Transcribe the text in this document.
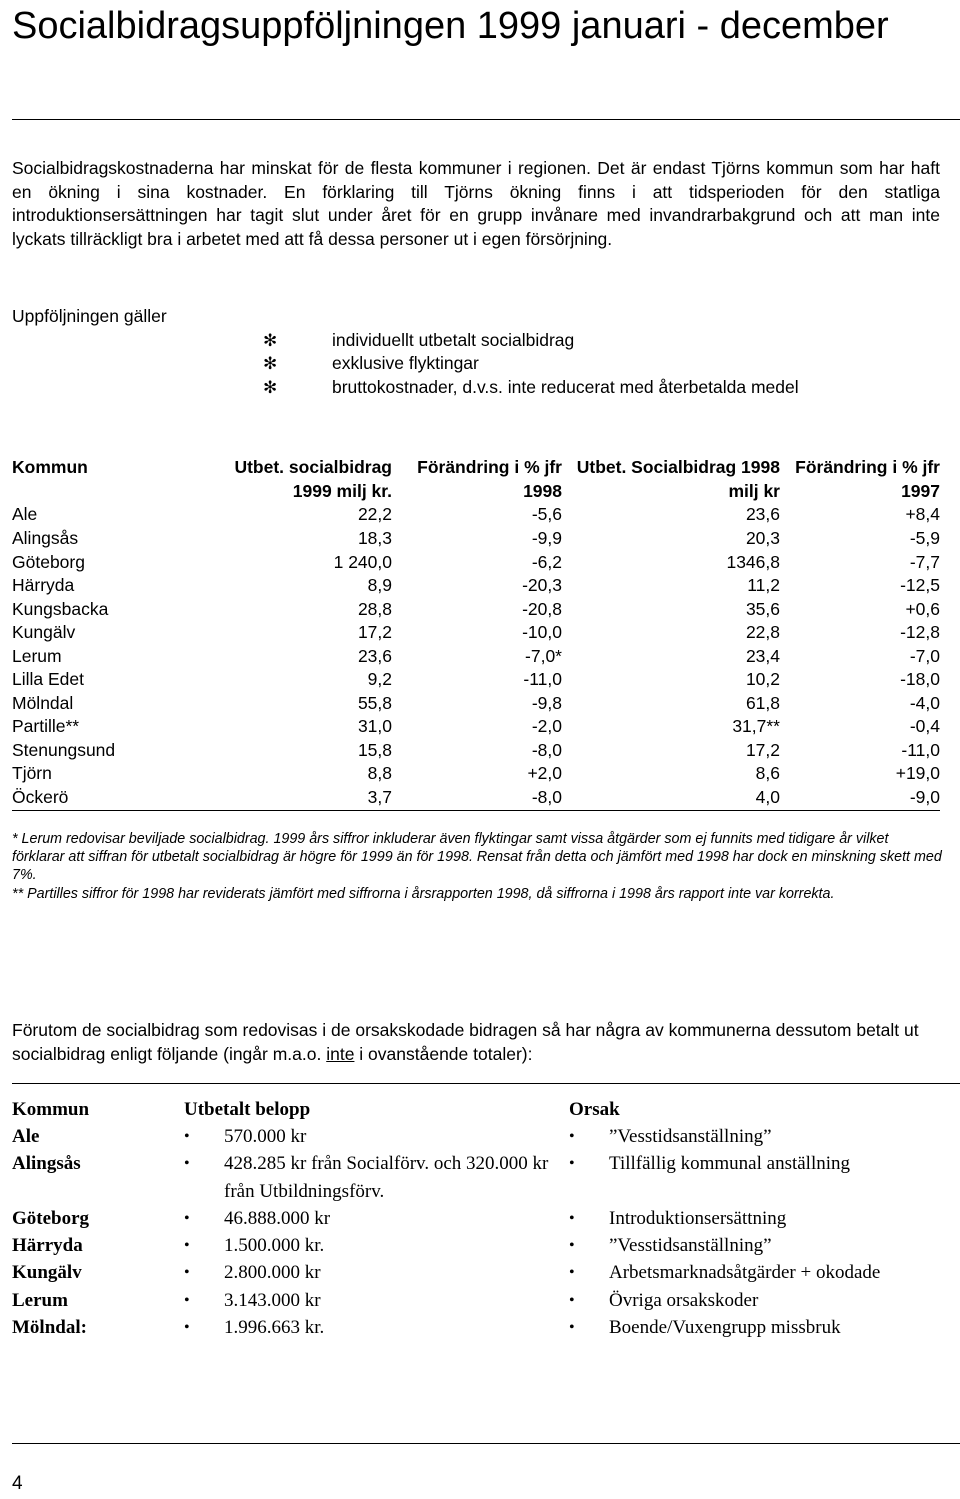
Socialbidragsuppföljningen 1999 januari - december

Socialbidragskostnaderna har minskat för de flesta kommuner i regionen. Det är endast Tjörns kommun som har haft en ökning i sina kostnader. En förklaring till Tjörns ökning finns i att tidsperioden för den statliga introduktionsersättningen har tagit slut under året för en grupp invånare med invandrarbakgrund och att man inte lyckats tillräckligt bra i arbetet med att få dessa personer ut i egen försörjning.

Uppföljningen gäller
✻	individuellt utbetalt socialbidrag
✻	exklusive flyktingar
✻	bruttokostnader, d.v.s. inte reducerat med återbetalda medel
Kommun	Utbet. socialbidrag 1999 milj kr.	Förändring i % jfr 1998	Utbet. Socialbidrag 1998 milj kr	Förändring i % jfr 1997
Ale	22,2	-5,6	23,6	+8,4
Alingsås	18,3	-9,9	20,3	-5,9
Göteborg	1 240,0	-6,2	1346,8	-7,7
Härryda	8,9	-20,3	11,2	-12,5
Kungsbacka	28,8	-20,8	35,6	+0,6
Kungälv	17,2	-10,0	22,8	-12,8
Lerum	23,6	-7,0*	23,4	-7,0
Lilla Edet	9,2	-11,0	10,2	-18,0
Mölndal	55,8	-9,8	61,8	-4,0
Partille**	31,0	-2,0	31,7**	-0,4
Stenungsund	15,8	-8,0	17,2	-11,0
Tjörn	8,8	+2,0	8,6	+19,0
Öckerö	3,7	-8,0	4,0	-9,0
* Lerum redovisar beviljade socialbidrag. 1999 års siffror inkluderar även flyktingar samt vissa åtgärder som ej funnits med tidigare år vilket förklarar att siffran för utbetalt socialbidrag är högre för 1999 än för 1998. Rensat från detta och jämfört med 1998 har dock en minskning skett med 7%.
** Partilles siffror för 1998 har reviderats jämfört med siffrorna i årsrapporten 1998, då siffrorna i 1998 års rapport inte var korrekta.

Förutom de socialbidrag som redovisas i de orsakskodade bidragen så har några av kommunerna dessutom betalt ut socialbidrag enligt följande (ingår m.a.o. inte i ovanstående totaler):

Kommun	Utbetalt belopp	Orsak
Ale	• 570.000 kr	• ”Vesstidsanställning”

Alingsås	• 428.285 kr från Socialförv. och 320.000 kr från Utbildningsförv.	• Tillfällig kommunal anställning

Göteborg	• 46.888.000 kr	• Introduktionsersättning

Härryda	• 1.500.000 kr.	• ”Vesstidsanställning”

Kungälv	• 2.800.000 kr	• Arbetsmarknadsåtgärder + okodade

Lerum	• 3.143.000 kr	• Övriga orsakskoder

Mölndal:	• 1.996.663 kr.	• Boende/Vuxengrupp missbruk
4
